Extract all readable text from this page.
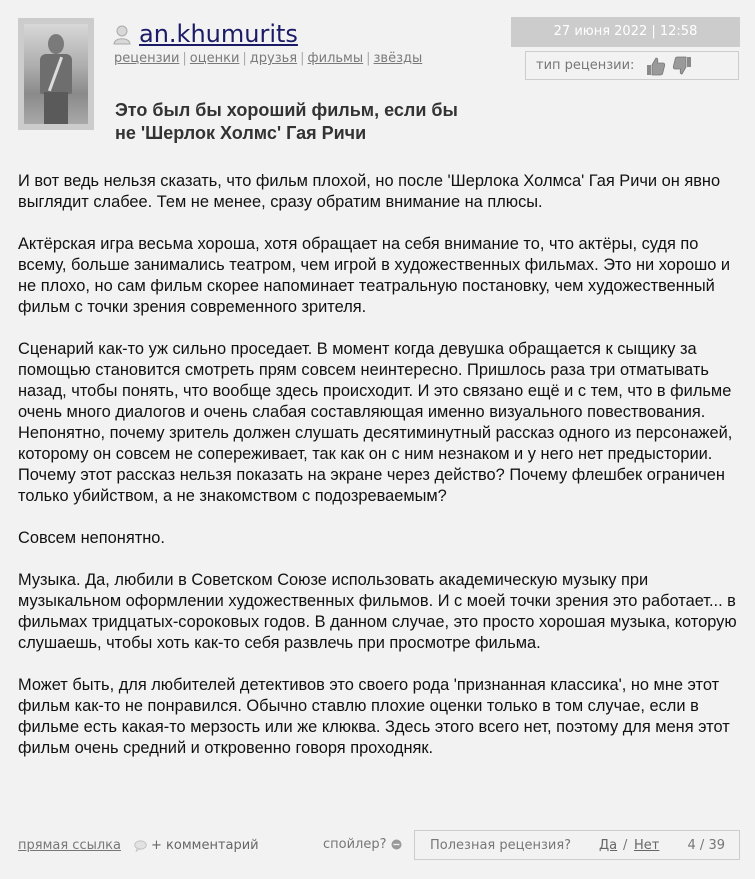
an.khumurits
рецензии | оценки | друзья | фильмы | звёзды
Это был бы хороший фильм, если бы не 'Шерлок Холмс' Гая Ричи
27 июня 2022 | 12:58
тип рецензии:

И вот ведь нельзя сказать, что фильм плохой, но после 'Шерлока Холмса' Гая Ричи он явно выглядит слабее. Тем не менее, сразу обратим внимание на плюсы.

Актёрская игра весьма хороша, хотя обращает на себя внимание то, что актёры, судя по всему, больше занимались театром, чем игрой в художественных фильмах. Это ни хорошо и не плохо, но сам фильм скорее напоминает театральную постановку, чем художественный фильм с точки зрения современного зрителя.

Сценарий как-то уж сильно проседает. В момент когда девушка обращается к сыщику за помощью становится смотреть прям совсем неинтересно. Пришлось раза три отматывать назад, чтобы понять, что вообще здесь происходит. И это связано ещё и с тем, что в фильме очень много диалогов и очень слабая составляющая именно визуального повествования. Непонятно, почему зритель должен слушать десятиминутный рассказ одного из персонажей, которому он совсем не сопереживает, так как он с ним незнаком и у него нет предыстории. Почему этот рассказ нельзя показать на экране через действо? Почему флешбек ограничен только убийством, а не знакомством с подозреваемым?

Совсем непонятно.

Музыка. Да, любили в Советском Союзе использовать академическую музыку при музыкальном оформлении художественных фильмов. И с моей точки зрения это работает... в фильмах тридцатых-сороковых годов. В данном случае, это просто хорошая музыка, которую слушаешь, чтобы хоть как-то себя развлечь при просмотре фильма.

Может быть, для любителей детективов это своего рода 'признанная классика', но мне этот фильм как-то не понравился. Обычно ставлю плохие оценки только в том случае, если в фильме есть какая-то мерзость или же клюква. Здесь этого всего нет, поэтому для меня этот фильм очень средний и откровенно говоря проходняк.

прямая ссылка + комментарий	спойлер?	Полезная рецензия? Да / Нет 4 / 39
